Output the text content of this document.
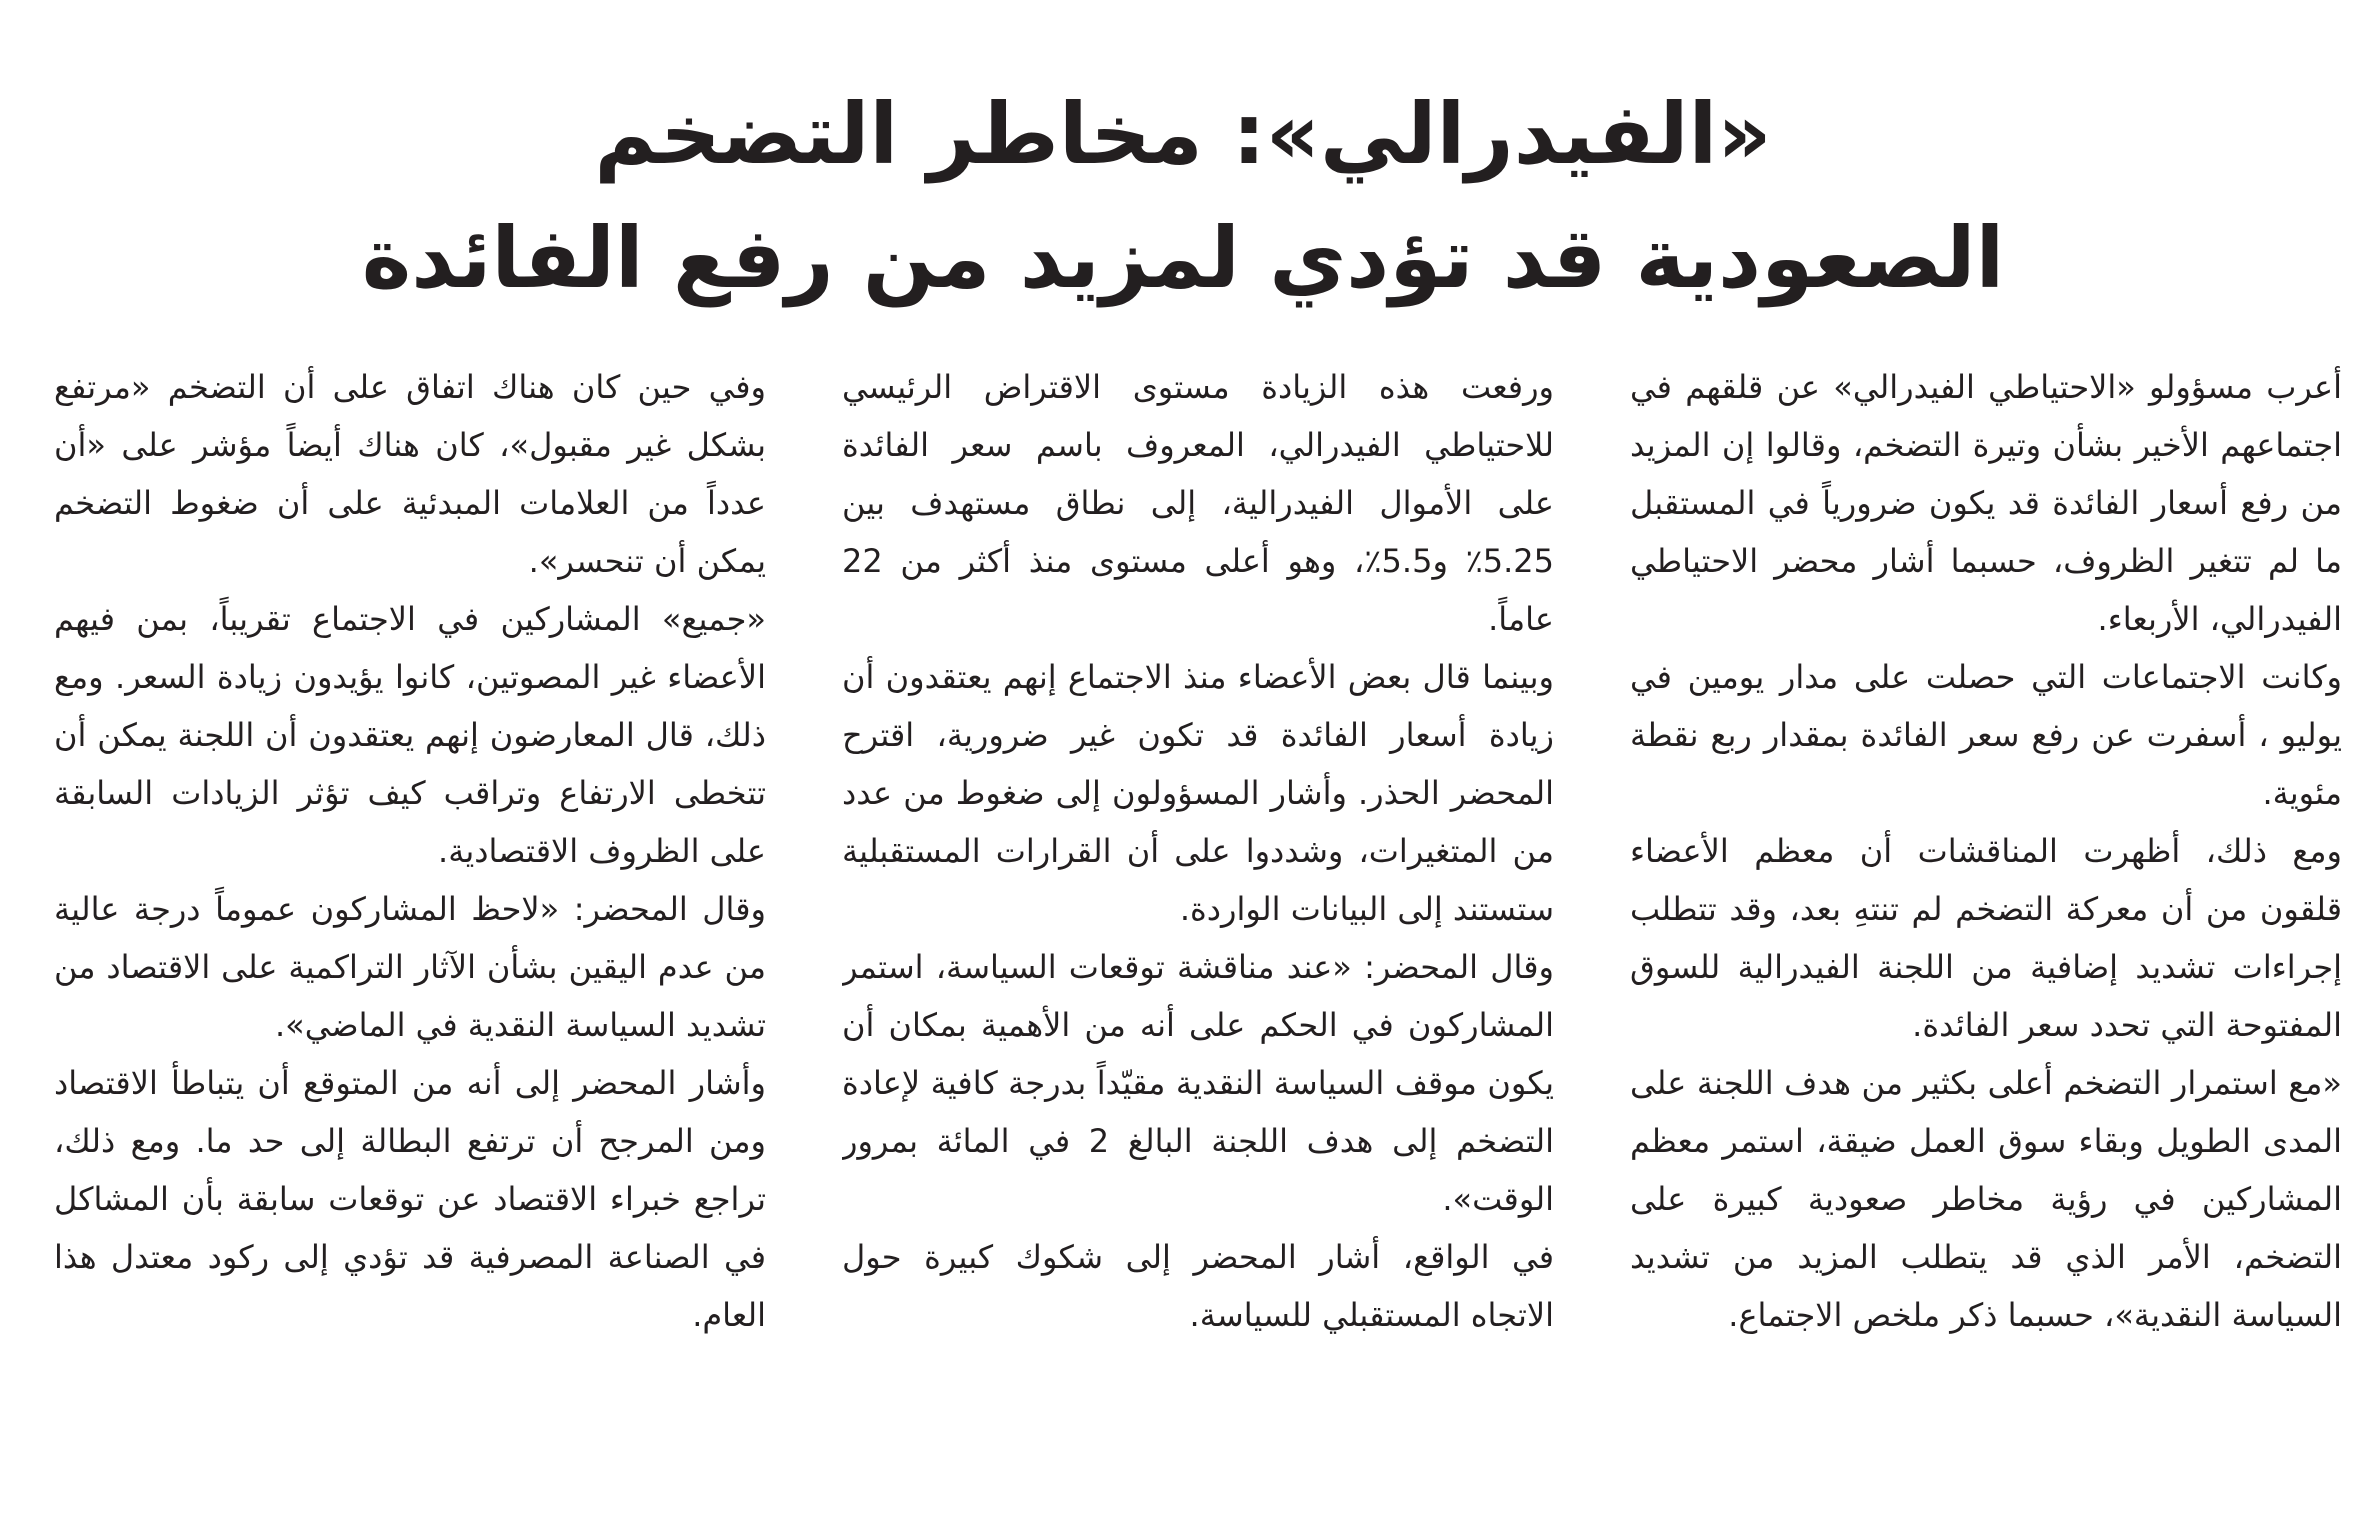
«الفيدرالي»: مخاطر التضخم
الصعودية قد تؤدي لمزيد من رفع الفائدة

أعرب مسؤولو «الاحتياطي الفيدرالي» عن قلقهم في اجتماعهم الأخير بشأن وتيرة التضخم، وقالوا إن المزيد من رفع أسعار الفائدة قد يكون ضرورياً في المستقبل ما لم تتغير الظروف، حسبما أشار محضر الاحتياطي الفيدرالي، الأربعاء.

وكانت الاجتماعات التي حصلت على مدار يومين في يوليو ، أسفرت عن رفع سعر الفائدة بمقدار ربع نقطة مئوية.

ومع ذلك، أظهرت المناقشات أن معظم الأعضاء قلقون من أن معركة التضخم لم تنتهِ بعد، وقد تتطلب إجراءات تشديد إضافية من اللجنة الفيدرالية للسوق المفتوحة التي تحدد سعر الفائدة.

«مع استمرار التضخم أعلى بكثير من هدف اللجنة على المدى الطويل وبقاء سوق العمل ضيقة، استمر معظم المشاركين في رؤية مخاطر صعودية كبيرة على التضخم، الأمر الذي قد يتطلب المزيد من تشديد السياسة النقدية»، حسبما ذكر ملخص الاجتماع.

ورفعت هذه الزيادة مستوى الاقتراض الرئيسي للاحتياطي الفيدرالي، المعروف باسم سعر الفائدة على الأموال الفيدرالية، إلى نطاق مستهدف بين 5.25٪ و5.5٪، وهو أعلى مستوى منذ أكثر من 22 عاماً.

وبينما قال بعض الأعضاء منذ الاجتماع إنهم يعتقدون أن زيادة أسعار الفائدة قد تكون غير ضرورية، اقترح المحضر الحذر. وأشار المسؤولون إلى ضغوط من عدد من المتغيرات، وشددوا على أن القرارات المستقبلية ستستند إلى البيانات الواردة.

وقال المحضر: «عند مناقشة توقعات السياسة، استمر المشاركون في الحكم على أنه من الأهمية بمكان أن يكون موقف السياسة النقدية مقيّداً بدرجة كافية لإعادة التضخم إلى هدف اللجنة البالغ 2 في المائة بمرور الوقت».

في الواقع، أشار المحضر إلى شكوك كبيرة حول الاتجاه المستقبلي للسياسة.

وفي حين كان هناك اتفاق على أن التضخم «مرتفع بشكل غير مقبول»، كان هناك أيضاً مؤشر على «أن عدداً من العلامات المبدئية على أن ضغوط التضخم يمكن أن تنحسر».

«جميع» المشاركين في الاجتماع تقريباً، بمن فيهم الأعضاء غير المصوتين، كانوا يؤيدون زيادة السعر. ومع ذلك، قال المعارضون إنهم يعتقدون أن اللجنة يمكن أن تتخطى الارتفاع وتراقب كيف تؤثر الزيادات السابقة على الظروف الاقتصادية.

وقال المحضر: «لاحظ المشاركون عموماً درجة عالية من عدم اليقين بشأن الآثار التراكمية على الاقتصاد من تشديد السياسة النقدية في الماضي».

وأشار المحضر إلى أنه من المتوقع أن يتباطأ الاقتصاد ومن المرجح أن ترتفع البطالة إلى حد ما. ومع ذلك، تراجع خبراء الاقتصاد عن توقعات سابقة بأن المشاكل في الصناعة المصرفية قد تؤدي إلى ركود معتدل هذا العام.
